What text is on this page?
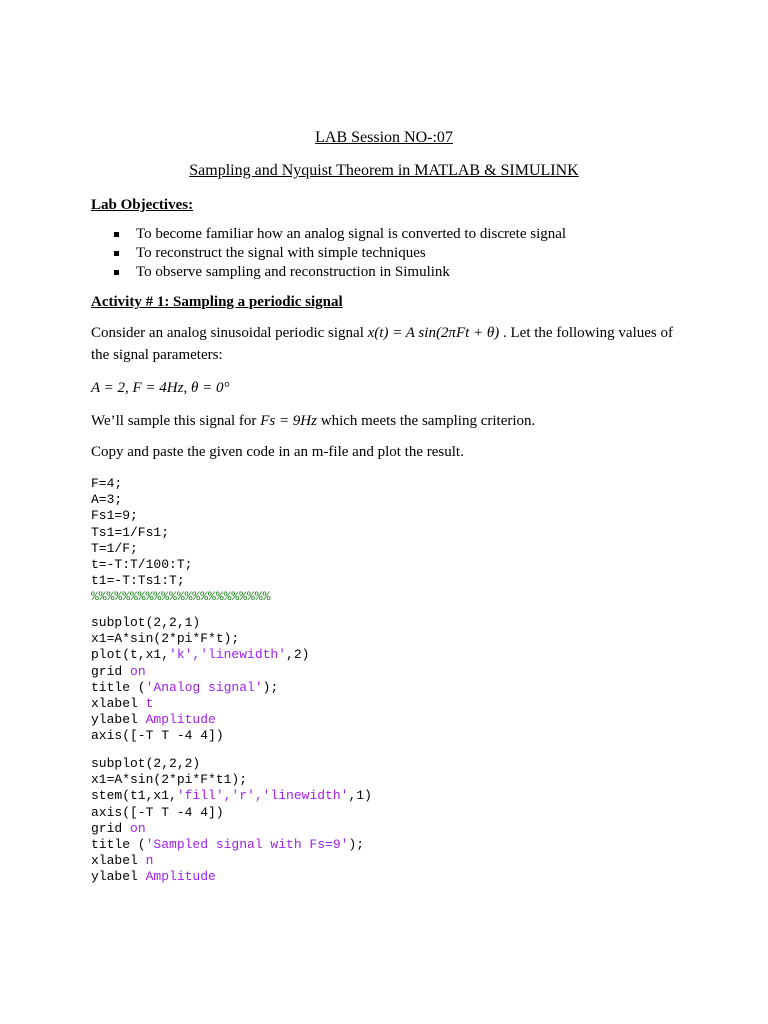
LAB Session NO-:07
Sampling and Nyquist Theorem in MATLAB & SIMULINK
Lab Objectives:
To become familiar how an analog signal is converted to discrete signal
To reconstruct the signal with simple techniques
To observe sampling and reconstruction in Simulink
Activity # 1: Sampling a periodic signal
Consider an analog sinusoidal periodic signal x(t) = A sin(2πFt + θ) . Let the following values of
the signal parameters:
A = 2, F = 4Hz, θ = 0°
We’ll sample this signal for Fs = 9Hz which meets the sampling criterion.
Copy and paste the given code in an m-file and plot the result.
F=4;
A=3;
Fs1=9;
Ts1=1/Fs1;
T=1/F;
t=-T:T/100:T;
t1=-T:Ts1:T;
%%%%%%%%%%%%%%%%%%%%%%%
subplot(2,2,1)
x1=A*sin(2*pi*F*t);
plot(t,x1,'k','linewidth',2)
grid on
title ('Analog signal');
xlabel t
ylabel Amplitude
axis([-T T -4 4])
subplot(2,2,2)
x1=A*sin(2*pi*F*t1);
stem(t1,x1,'fill','r','linewidth',1)
axis([-T T -4 4])
grid on
title ('Sampled signal with Fs=9');
xlabel n
ylabel Amplitude
